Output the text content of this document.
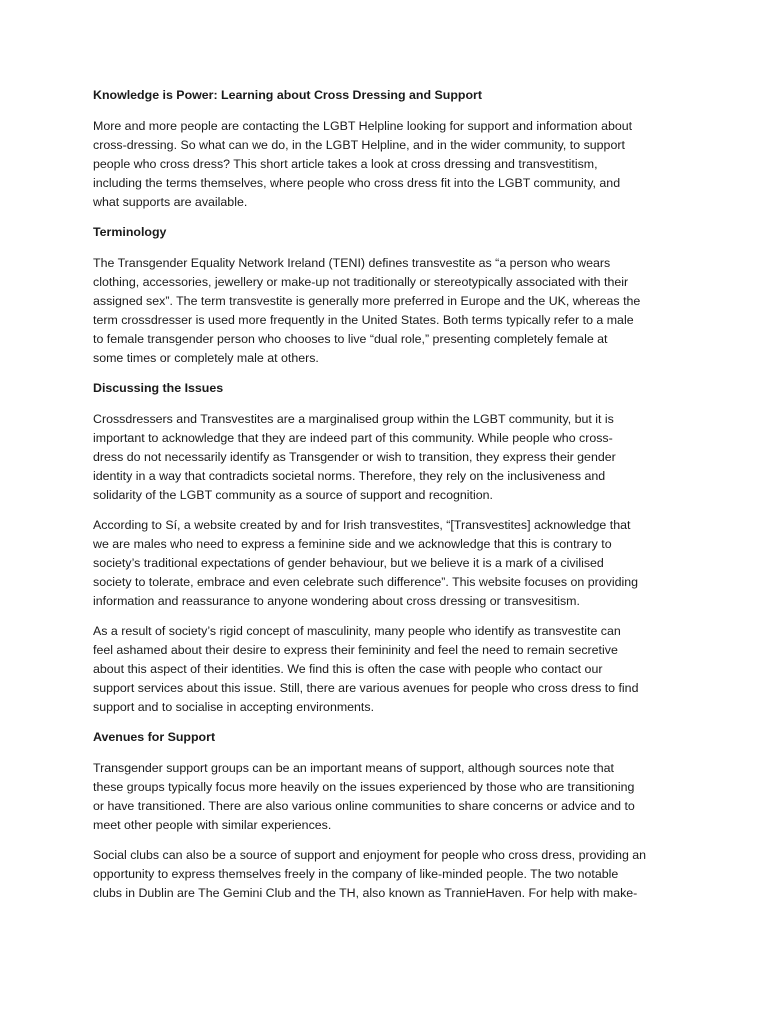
Knowledge is Power: Learning about Cross Dressing and Support

More and more people are contacting the LGBT Helpline looking for support and information about
cross-dressing. So what can we do, in the LGBT Helpline, and in the wider community, to support
people who cross dress? This short article takes a look at cross dressing and transvestitism,
including the terms themselves, where people who cross dress fit into the LGBT community, and
what supports are available.

Terminology

The Transgender Equality Network Ireland (TENI) defines transvestite as “a person who wears
clothing, accessories, jewellery or make-up not traditionally or stereotypically associated with their
assigned sex”. The term transvestite is generally more preferred in Europe and the UK, whereas the
term crossdresser is used more frequently in the United States. Both terms typically refer to a male
to female transgender person who chooses to live “dual role,” presenting completely female at
some times or completely male at others.

Discussing the Issues

Crossdressers and Transvestites are a marginalised group within the LGBT community, but it is
important to acknowledge that they are indeed part of this community. While people who cross-
dress do not necessarily identify as Transgender or wish to transition, they express their gender
identity in a way that contradicts societal norms. Therefore, they rely on the inclusiveness and
solidarity of the LGBT community as a source of support and recognition.

According to Sí, a website created by and for Irish transvestites, “[Transvestites] acknowledge that
we are males who need to express a feminine side and we acknowledge that this is contrary to
society’s traditional expectations of gender behaviour, but we believe it is a mark of a civilised
society to tolerate, embrace and even celebrate such difference”. This website focuses on providing
information and reassurance to anyone wondering about cross dressing or transvesitism.

As a result of society’s rigid concept of masculinity, many people who identify as transvestite can
feel ashamed about their desire to express their femininity and feel the need to remain secretive
about this aspect of their identities. We find this is often the case with people who contact our
support services about this issue. Still, there are various avenues for people who cross dress to find
support and to socialise in accepting environments.

Avenues for Support

Transgender support groups can be an important means of support, although sources note that
these groups typically focus more heavily on the issues experienced by those who are transitioning
or have transitioned. There are also various online communities to share concerns or advice and to
meet other people with similar experiences.

Social clubs can also be a source of support and enjoyment for people who cross dress, providing an
opportunity to express themselves freely in the company of like-minded people. The two notable
clubs in Dublin are The Gemini Club and the TH, also known as TrannieHaven. For help with make-
